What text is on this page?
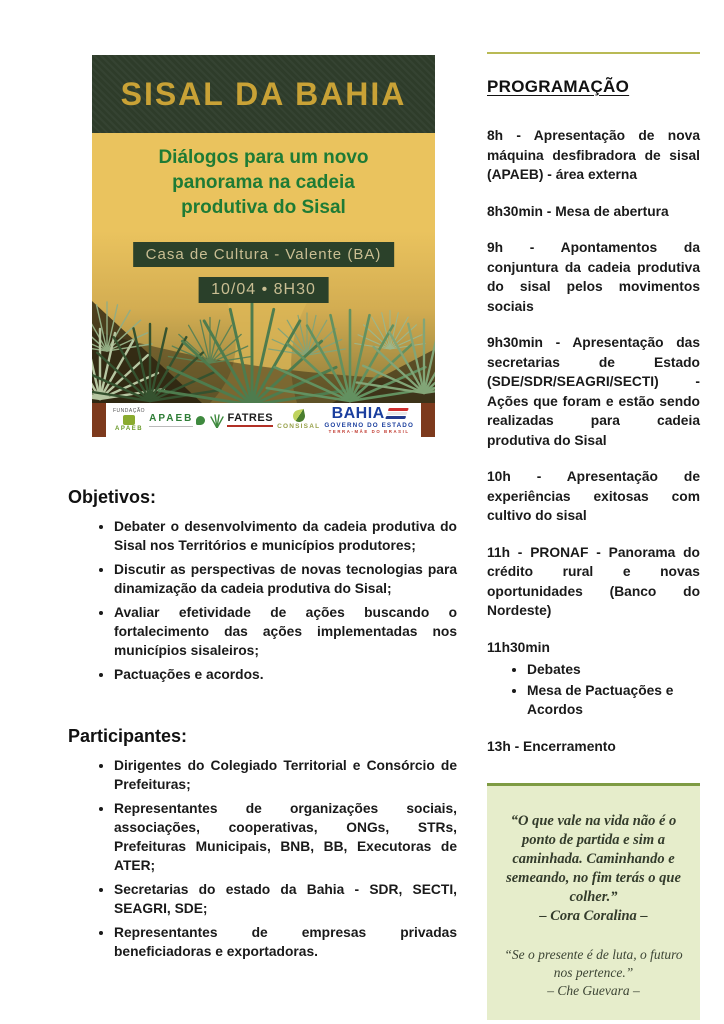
SISAL DA BAHIA
Diálogos para um novo panorama na cadeia produtiva do Sisal
Casa de Cultura - Valente (BA)
10/04 • 8H30
FUNDAÇÃO
APAEB
APAEB	FATRES
CONSISAL
BAHIA
GOVERNO DO ESTADO
TERRA-MÃE DO BRASIL
Objetivos:
• Debater o desenvolvimento da cadeia produtiva do Sisal nos Territórios e municípios produtores;
• Discutir as perspectivas de novas tecnologias para dinamização da cadeia produtiva do Sisal;
• Avaliar efetividade de ações buscando o fortalecimento das ações implementadas nos municípios sisaleiros;
• Pactuações e acordos.
Participantes:
• Dirigentes do Colegiado Territorial e Consórcio de Prefeituras;
• Representantes de organizações sociais, associações, cooperativas, ONGs, STRs, Prefeituras Municipais, BNB, BB, Executoras de ATER;
• Secretarias do estado da Bahia - SDR, SECTI, SEAGRI, SDE;
• Representantes de empresas privadas beneficiadoras e exportadoras.
PROGRAMAÇÃO

8h - Apresentação de nova máquina desfibradora de sisal (APAEB) - área externa

8h30min - Mesa de abertura

9h - Apontamentos da conjuntura da cadeia produtiva do sisal pelos movimentos sociais

9h30min - Apresentação das secretarias de Estado (SDE/SDR/SEAGRI/SECTI) - Ações que foram e estão sendo realizadas para cadeia produtiva do Sisal

10h - Apresentação de experiências exitosas com cultivo do sisal

11h - PRONAF - Panorama do crédito rural e novas oportunidades (Banco do Nordeste)

11h30min

• Debates
• Mesa de Pactuações e Acordos

13h - Encerramento

“O que vale na vida não é o ponto de partida e sim a caminhada. Caminhando e semeando, no fim terás o que colher.”

– Cora Coralina –

“Se o presente é de luta, o futuro nos pertence.”

– Che Guevara –
